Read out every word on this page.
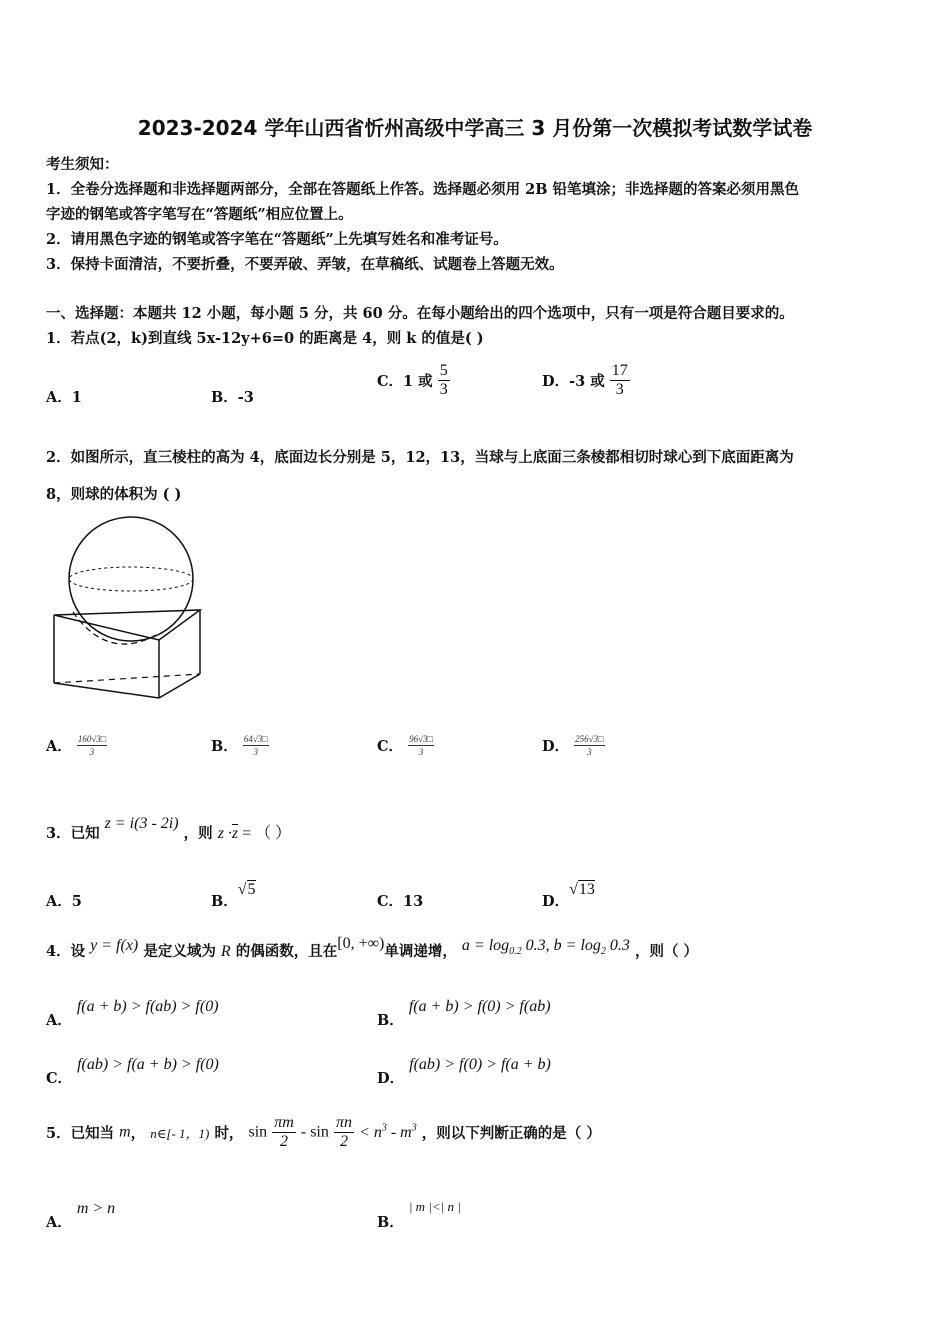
2023-2024 学年山西省忻州高级中学高三 3 月份第一次模拟考试数学试卷
考生须知：
1．全卷分选择题和非选择题两部分，全部在答题纸上作答。选择题必须用 2B 铅笔填涂；非选择题的答案必须用黑色
字迹的钢笔或答字笔写在“答题纸”相应位置上。
2．请用黑色字迹的钢笔或答字笔在“答题纸”上先填写姓名和准考证号。
3．保持卡面清洁，不要折叠，不要弄破、弄皱，在草稿纸、试题卷上答题无效。
一、选择题：本题共 12 小题，每小题 5 分，共 60 分。在每小题给出的四个选项中，只有一项是符合题目要求的。
1．若点(2，k)到直线 5x-12y+6=0 的距离是 4，则 k 的值是( )
A．1	B．-3
C．1 或 $\frac{5}{3}$	D．-3 或 $\frac{17}{3}$
2．如图所示，直三棱柱的高为 4，底面边长分别是 5，12，13，当球与上底面三条棱都相切时球心到下底面距离为
8，则球的体积为 ( )
A． $\frac{160√3□}{3}$	B． $\frac{64√3□}{3}$	C． $\frac{96√3□}{3}$	D． $\frac{256√3□}{3}$
3．已知 z = i(3 - 2i) ，则 $z \cdot\overline{z}$ = （ ）
A．5	B．√5
C．13	D．√13
4．设 y = f(x) 是定义域为 R 的偶函数，且在[0, +∞)单调递增， $a = \log_{0.2} 0.3$, $b = \log_2 0.3$ ，则（ ）
A． f(a + b) > f(ab) > f(0)
B． f(a + b) > f(0) > f(ab)
C． f(ab) > f(a + b) > f(0)
D． f(ab) > f(0) > f(a + b)
5．已知当 m， n∈[- 1，1) 时， $\sin \frac{\pi m}{2} - \sin \frac{\pi n}{2} < n^3 - m^3$ ，则以下判断正确的是（ ）
A． m > n
B． | m |<| n |
